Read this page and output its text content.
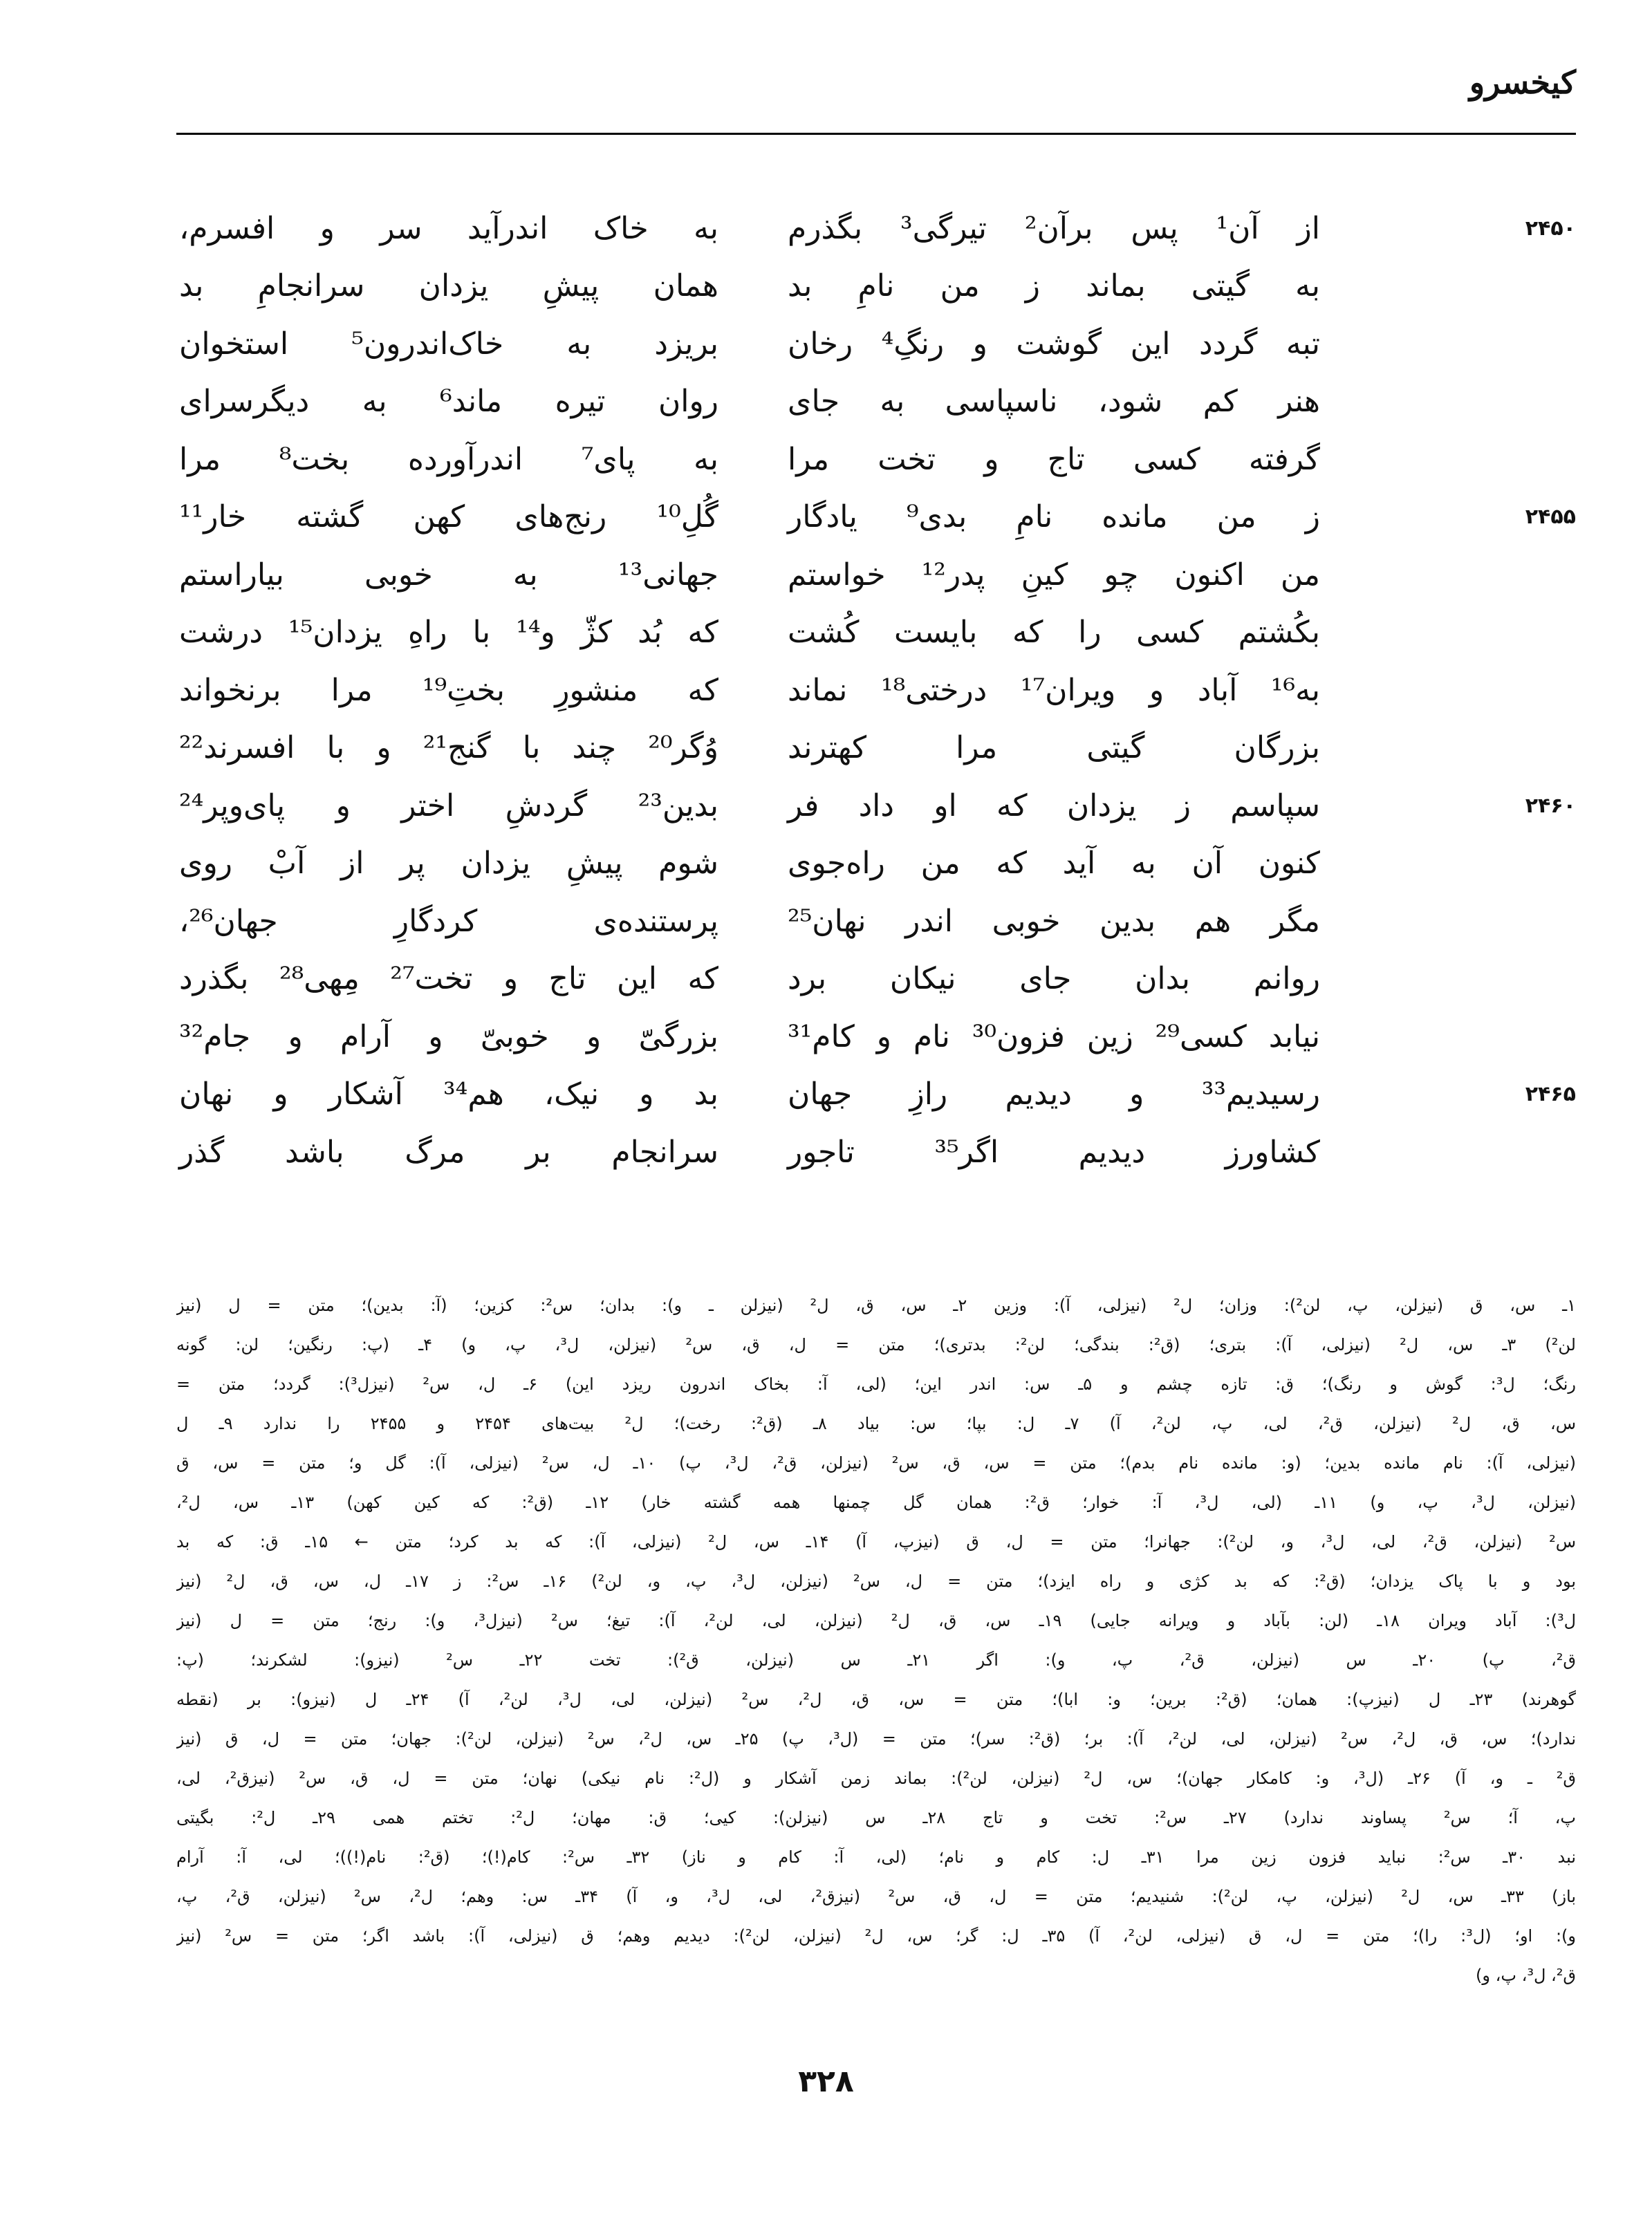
کیخسرو
۲۴۵۰
از آن¹ پس برآن² تیرگی³ بگذرم
به خاک اندرآید سر و افسرم،
به گیتی بماند ز من نامِ بد
همان پیشِ یزدان سرانجامِ بد
تبه گردد این گوشت و رنگِ⁴ رخان
بریزد به خاک‌اندرون⁵ استخوان
هنر کم شود، ناسپاسی به جای
روان تیره ماند⁶ به دیگرسرای
گرفته کسی تاج و تخت مرا
به پای⁷ اندرآورده بخت⁸ مرا
۲۴۵۵
ز من مانده نامِ بدی⁹ یادگار
گُلِ¹⁰ رنج‌های کهن گشته خار¹¹
من اکنون چو کینِ پدر¹² خواستم
جهانی¹³ به خوبی بیاراستم
بکُشتم کسی را که بایست کُشت
که بُد کژّ و¹⁴ با راهِ یزدان¹⁵ درشت
به¹⁶ آباد و ویران¹⁷ درختی¹⁸ نماند
که منشورِ بختِ¹⁹ مرا برنخواند
بزرگان گیتی مرا کهترند
وُگر²⁰ چند با گنج²¹ و با افسرند²²
۲۴۶۰
سپاسم ز یزدان که او داد فر
بدین²³ گردشِ اختر و پای‌وپر²⁴
کنون آن به آید که من راه‌جوی
شوم پیشِ یزدان پر از آبْ روی
مگر هم بدین خوبی اندر نهان²⁵
پرستنده‌ی کردگارِ جهان²⁶،
روانم بدان جای نیکان برد
که این تاج و تخت²⁷ مِهی²⁸ بگذرد
نیابد کسی²⁹ زین فزون³⁰ نام و کام³¹
بزرگیّ و خوبیّ و آرام و جام³²
۲۴۶۵
رسیدیم³³ و دیدیم رازِ جهان
بد و نیک، هم³⁴ آشکار و نهان
کشاورز دیدیم اگر³⁵ تاجور
سرانجام بر مرگ باشد گذر
۱ـ س، ق (نیزلن، پ، لن²): وزان؛ ل² (نیزلی، آ): وزین ۲ـ س، ق، ل² (نیزلن ـ و): بدان؛ س²: کزین؛ (آ: بدین)؛ متن = ل (نیز
لن²) ۳ـ س، ل² (نیزلی، آ): بتری؛ (ق²: بندگی؛ لن²: بدتری)؛ متن = ل، ق، س² (نیزلن، ل³، پ، و) ۴ـ (پ: رنگین؛ لن: گونه
رنگ؛ ل³: گوش و رنگ)؛ ق: تازه چشم و ۵ـ س: اندر این؛ (لی، آ: بخاک اندرون ریزد این) ۶ـ ل، س² (نیزل³): گردد؛ متن =
س، ق، ل² (نیزلن، ق²، لی، پ، لن²، آ) ۷ـ ل: بپا؛ س: بیاد ۸ـ (ق²: رخت)؛ ل² بیت‌های ۲۴۵۴ و ۲۴۵۵ را ندارد ۹ـ ل
(نیزلی، آ): نام مانده بدین؛ (و: مانده نام بدم)؛ متن = س، ق، س² (نیزلن، ق²، ل³، پ) ۱۰ـ ل، س² (نیزلی، آ): گل و؛ متن = س، ق
(نیزلن، ل³، پ، و) ۱۱ـ (لی، ل³، آ: خوار؛ ق²: همان گل چمنها همه گشته خار) ۱۲ـ (ق²: که کین کهن) ۱۳ـ س، ل²،
س² (نیزلن، ق²، لی، ل³، و، لن²): جهانرا؛ متن = ل، ق (نیزپ، آ) ۱۴ـ س، ل² (نیزلی، آ): که بد کرد؛ متن ← ۱۵ـ ق: که بد
بود و با پاک یزدان؛ (ق²: که بد کژی و راه ایزد)؛ متن = ل، س² (نیزلن، ل³، پ، و، لن²) ۱۶ـ س²: ز ۱۷ـ ل، س، ق، ل² (نیز
ل³): آباد ویران ۱۸ـ (لن: بآباد و ویرانه جایی) ۱۹ـ س، ق، ل² (نیزلن، لی، لن²، آ): تیغ؛ س² (نیزل³، و): رنج؛ متن = ل (نیز
ق²، پ) ۲۰ـ س (نیزلن، ق²، پ، و): اگر ۲۱ـ س (نیزلن، ق²): تخت ۲۲ـ س² (نیزو): لشکرند؛ (پ:
گوهرند) ۲۳ـ ل (نیزپ): همان؛ (ق²: برین؛ و: ابا)؛ متن = س، ق، ل²، س² (نیزلن، لی، ل³، لن²، آ) ۲۴ـ ل (نیزو): بر (نقطه
ندارد)؛ س، ق، ل²، س² (نیزلن، لی، لن²، آ): بر؛ (ق²: سر)؛ متن = (ل³، پ) ۲۵ـ س، ل²، س² (نیزلن، لن²): جهان؛ متن = ل، ق (نیز
ق² ـ و، آ) ۲۶ـ (ل³، و: کامکار جهان)؛ س، ل² (نیزلن، لن²): بماند زمن آشکار و (ل²: نام نیکی) نهان؛ متن = ل، ق، س² (نیزق²، لی،
پ، آ؛ س² پساوند ندارد) ۲۷ـ س²: تخت و تاج ۲۸ـ س (نیزلن): کیی؛ ق: مهان؛ ل²: تختم همی ۲۹ـ ل²: بگیتی
نبد ۳۰ـ س²: نباید فزون زین مرا ۳۱ـ ل: کام و نام؛ (لی، آ: کام و ناز) ۳۲ـ س²: کام(!)؛ (ق²: نام(!))؛ لی، آ: آرام
باز) ۳۳ـ س، ل² (نیزلن، پ، لن²): شنیدیم؛ متن = ل، ق، س² (نیزق²، لی، ل³، و، آ) ۳۴ـ س: وهم؛ ل²، س² (نیزلن، ق²، پ،
و): او؛ (ل³: را)؛ متن = ل، ق (نیزلی، لن²، آ) ۳۵ـ ل: گر؛ س، ل² (نیزلن، لن²): دیدیم وهم؛ ق (نیزلی، آ): باشد اگر؛ متن = س² (نیز
ق²، ل³، پ، و)
۳۲۸
